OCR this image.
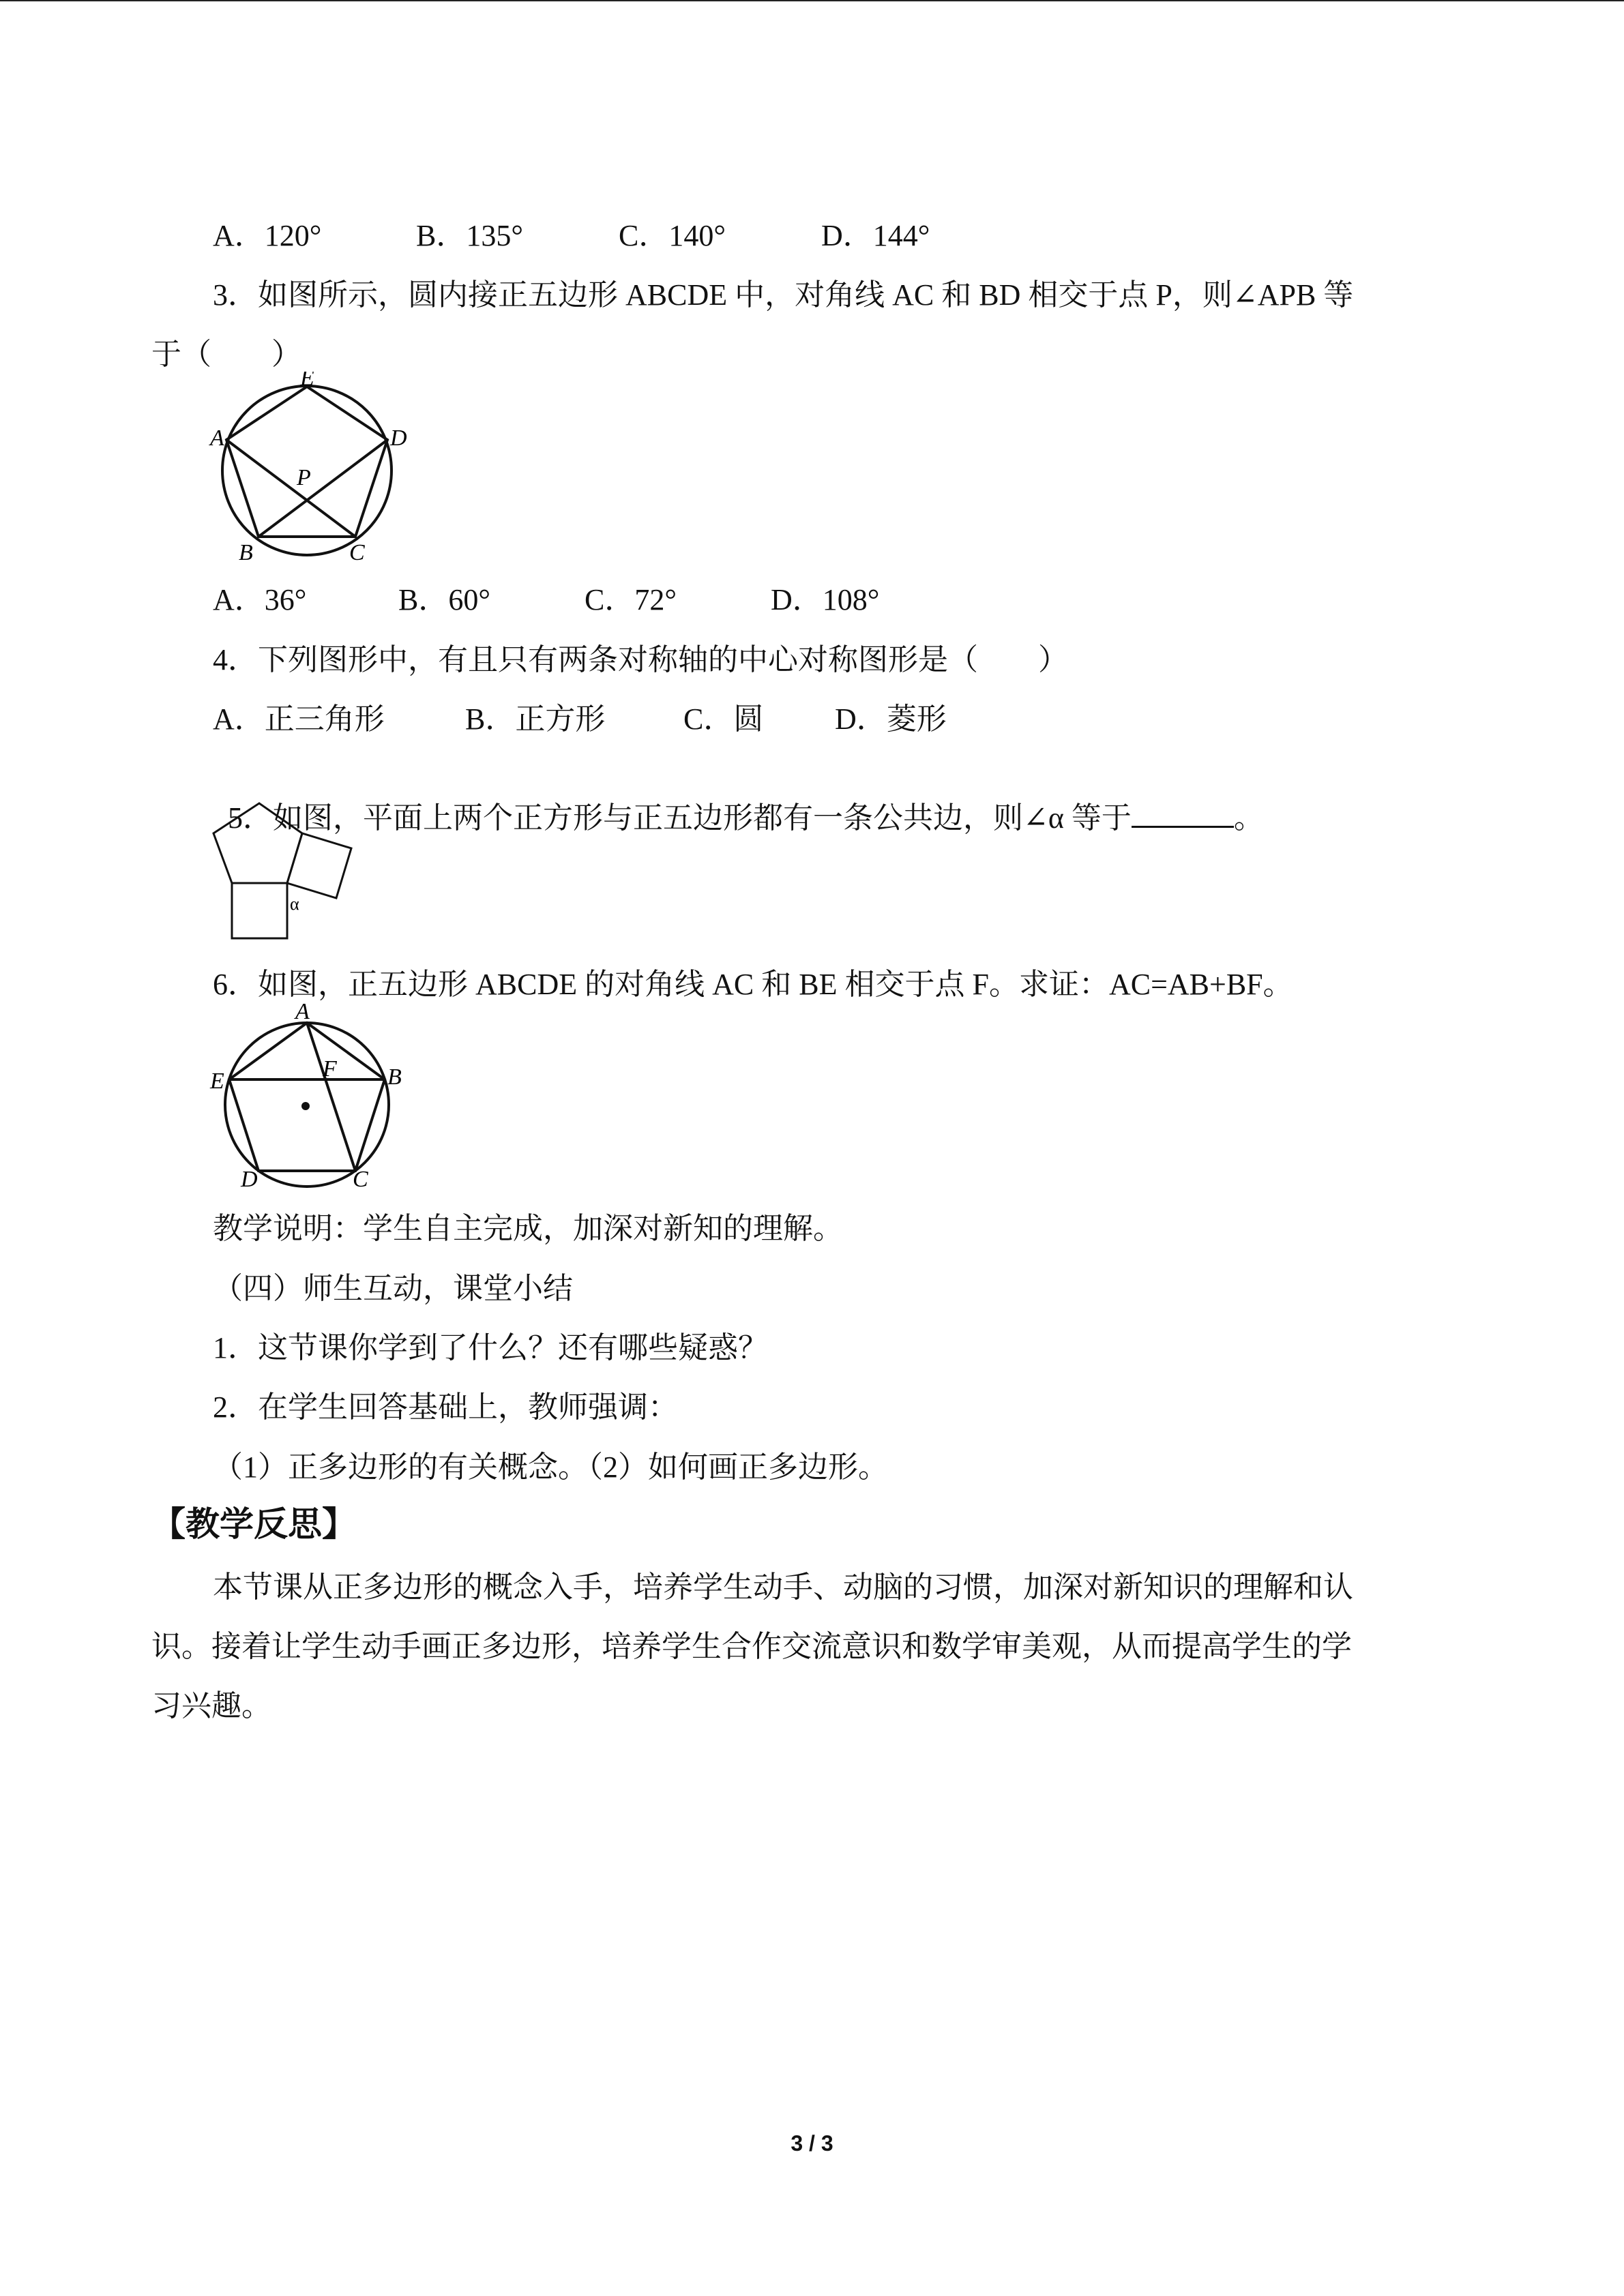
A．120°	B．135°	C．140°	D．144°
3．如图所示，圆内接正五边形 ABCDE 中，对角线 AC 和 BD 相交于点 P，则∠APB 等
于（　　）
E
D
A
P
B	C
A．36°	B．60°	C．72°	D．108°
4．下列图形中，有且只有两条对称轴的中心对称图形是（　　）
A．正三角形	B．正方形	C．圆 D．菱形

5．如图，平面上两个正方形与正五边形都有一条公共边，则∠α 等于	。

α
6．如图，正五边形 ABCDE 的对角线 AC 和 BE 相交于点 F。求证：AC=AB+BF。
A
E	F B
D	C
教学说明：学生自主完成，加深对新知的理解。
（四）师生互动，课堂小结
1．这节课你学到了什么？还有哪些疑惑？
2．在学生回答基础上，教师强调：
（1）正多边形的有关概念。（2）如何画正多边形。
【教学反思】
本节课从正多边形的概念入手，培养学生动手、动脑的习惯，加深对新知识的理解和认
识。接着让学生动手画正多边形，培养学生合作交流意识和数学审美观，从而提高学生的学
习兴趣。
3 / 3
